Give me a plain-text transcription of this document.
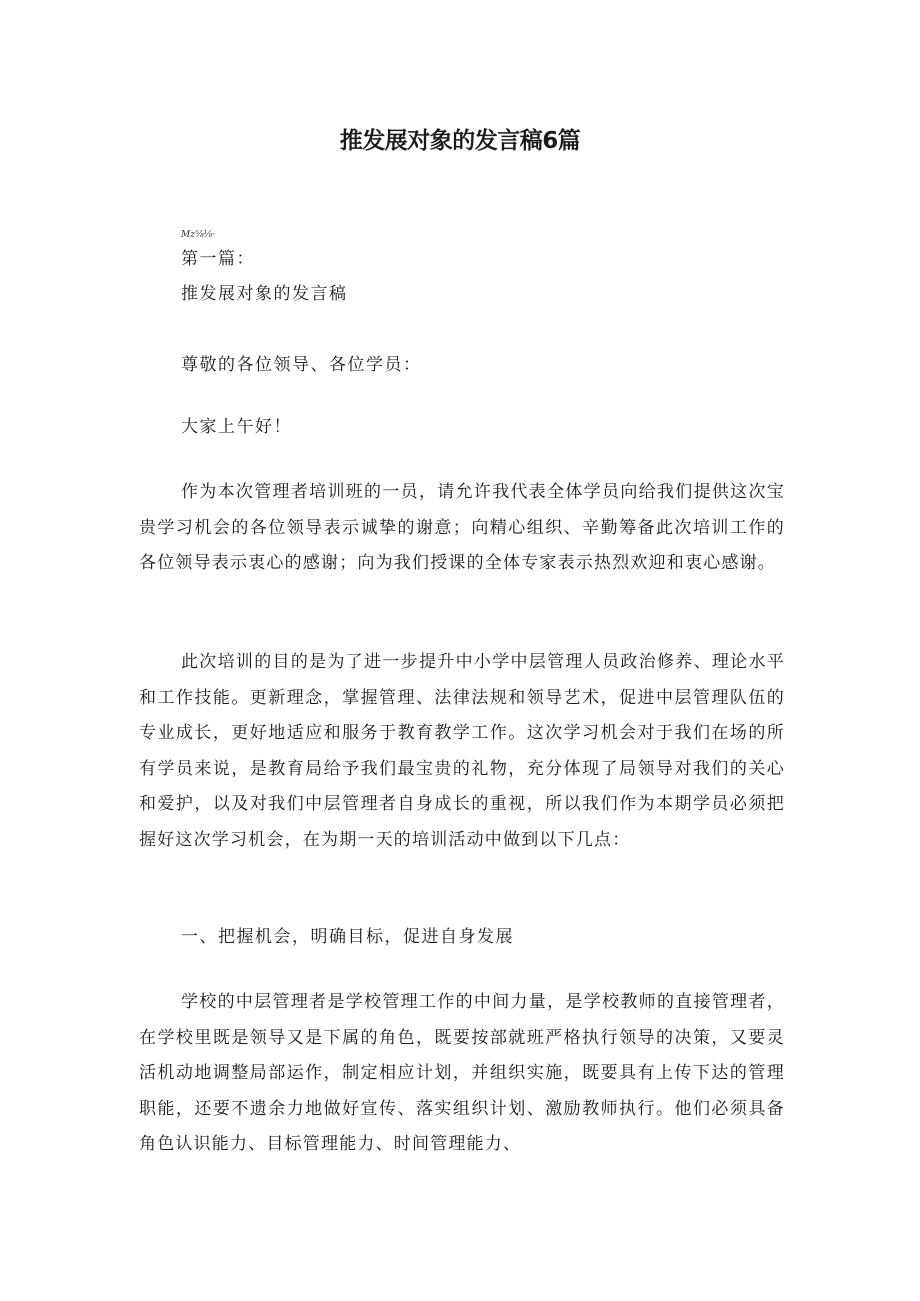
推发展对象的发言稿6篇
Mz⅝⅛·

第一篇：

推发展对象的发言稿

尊敬的各位领导、各位学员：

大家上午好！

作为本次管理者培训班的一员，请允许我代表全体学员向给我们提供这次宝贵学习机会的各位领导表示诚挚的谢意；向精心组织、辛勤筹备此次培训工作的各位领导表示衷心的感谢；向为我们授课的全体专家表示热烈欢迎和衷心感谢。

此次培训的目的是为了进一步提升中小学中层管理人员政治修养、理论水平和工作技能。更新理念，掌握管理、法律法规和领导艺术，促进中层管理队伍的专业成长，更好地适应和服务于教育教学工作。这次学习机会对于我们在场的所有学员来说，是教育局给予我们最宝贵的礼物，充分体现了局领导对我们的关心和爱护，以及对我们中层管理者自身成长的重视，所以我们作为本期学员必须把握好这次学习机会，在为期一天的培训活动中做到以下几点：

一、把握机会，明确目标，促进自身发展

学校的中层管理者是学校管理工作的中间力量，是学校教师的直接管理者，在学校里既是领导又是下属的角色，既要按部就班严格执行领导的决策，又要灵活机动地调整局部运作，制定相应计划，并组织实施，既要具有上传下达的管理职能，还要不遗余力地做好宣传、落实组织计划、激励教师执行。他们必须具备角色认识能力、目标管理能力、时间管理能力、
